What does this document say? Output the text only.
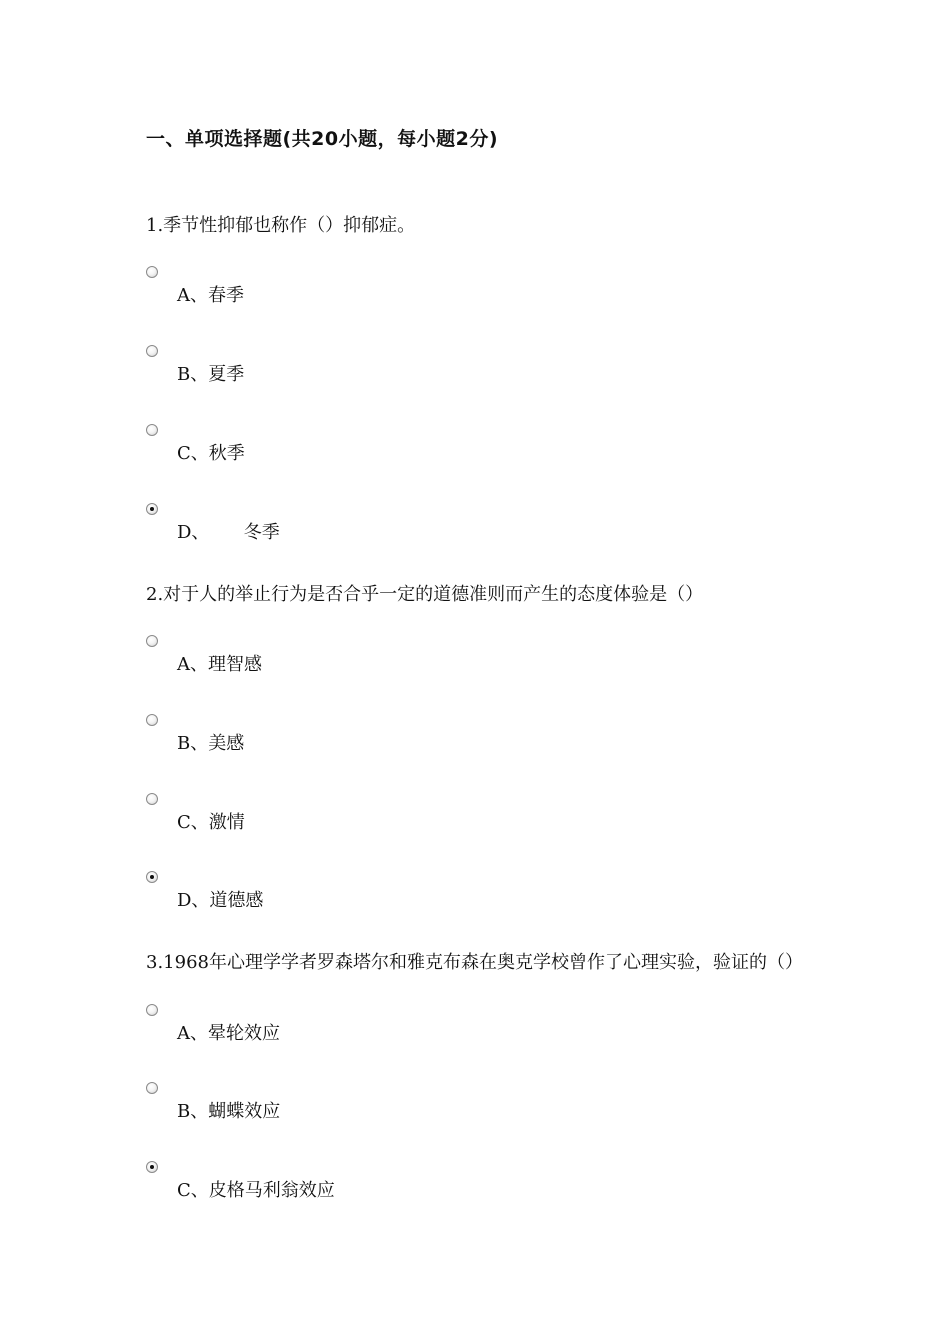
一、单项选择题(共20小题，每小题2分)
1.季节性抑郁也称作（）抑郁症。
A、春季
B、夏季
C、秋季
D、      冬季
2.对于人的举止行为是否合乎一定的道德准则而产生的态度体验是（）
A、理智感
B、美感
C、激情
D、道德感
3.1968年心理学学者罗森塔尔和雅克布森在奥克学校曾作了心理实验，验证的（）
A、晕轮效应
B、蝴蝶效应
C、皮格马利翁效应
